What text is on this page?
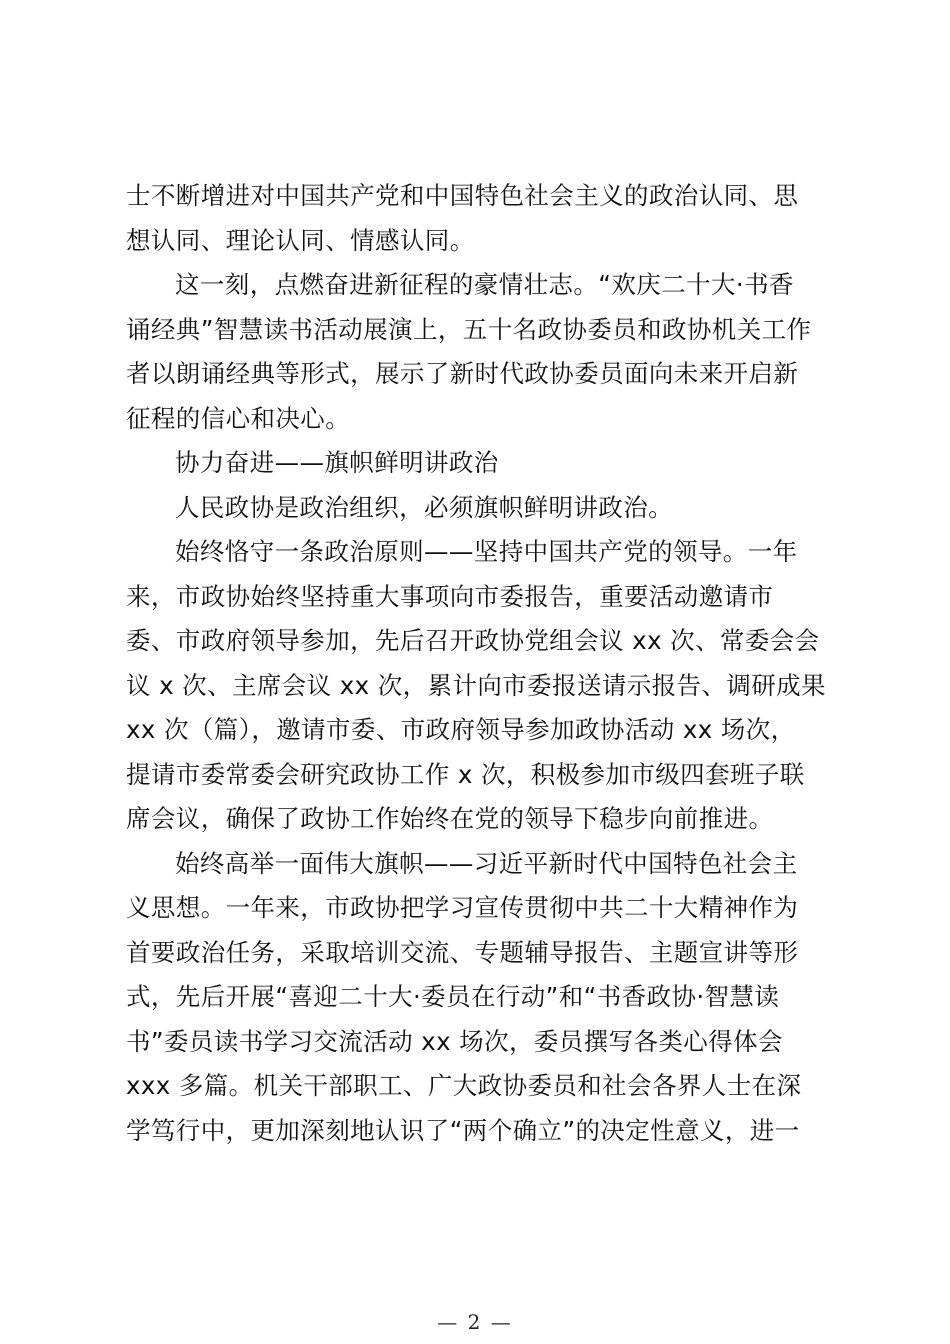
士不断增进对中国共产党和中国特色社会主义的政治认同、思
想认同、理论认同、情感认同。
这一刻，点燃奋进新征程的豪情壮志。“欢庆二十大·书香
诵经典”智慧读书活动展演上，五十名政协委员和政协机关工作
者以朗诵经典等形式，展示了新时代政协委员面向未来开启新
征程的信心和决心。
协力奋进——旗帜鲜明讲政治
人民政协是政治组织，必须旗帜鲜明讲政治。
始终恪守一条政治原则——坚持中国共产党的领导。一年
来，市政协始终坚持重大事项向市委报告，重要活动邀请市
委、市政府领导参加，先后召开政协党组会议 xx 次、常委会会
议 x 次、主席会议 xx 次，累计向市委报送请示报告、调研成果
xx 次（篇），邀请市委、市政府领导参加政协活动 xx 场次，
提请市委常委会研究政协工作 x 次，积极参加市级四套班子联
席会议，确保了政协工作始终在党的领导下稳步向前推进。
始终高举一面伟大旗帜——习近平新时代中国特色社会主
义思想。一年来，市政协把学习宣传贯彻中共二十大精神作为
首要政治任务，采取培训交流、专题辅导报告、主题宣讲等形
式，先后开展“喜迎二十大·委员在行动”和“书香政协·智慧读
书”委员读书学习交流活动 xx 场次，委员撰写各类心得体会
xxx 多篇。机关干部职工、广大政协委员和社会各界人士在深
学笃行中，更加深刻地认识了“两个确立”的决定性意义，进一
— 2 —
